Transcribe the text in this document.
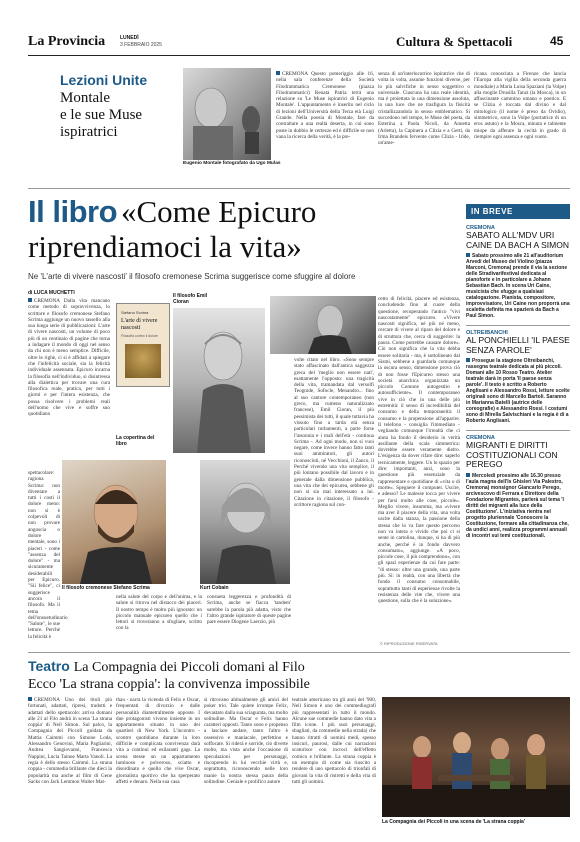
La Provincia	LUNEDÌ
3 FEBBRAIO 2025	Cultura & Spettacoli	45
Lezioni Unite
Montale
e le sue Muse
ispiratrici
Eugenio Montale fotografato da Ugo Mulas
CREMONA Questo pomeriggio alle 16, nella sala conferenze della Società Filodrammatica Cremonese (piazza Filodrammatici) Renata Patria terrà una relazione su 'Le Muse ispiratrici di Eugenio Montale'. L'appuntamento è inserito nel ciclo di lezioni dell'Università della Terza età Luigi Grande. Nella poesia di Montale, fare da contraltare a una realtà deserta, in cui sono poste in dubbio le certezze ed è difficile se non vana la ricerca della verità, è la pre-
senza di un'interlocutrice ispiratrice che di volta in volta, assume funzioni diverse, per lo più salvifiche in senso soggettivo o universale. Ciascuna ha una reale identità, ma è proiettata in una dimensione assoluta, in una luce che ne trasfigura la fisicità cristallizzandola in senso emblematico. Si succedono nel tempo, le Muse del poeta, da Esterina a Paola Nicoli, da Annetta (Arletta), la Capinera a Clizia e a Gerti, da Irma Brandeis fervente come Clizia - Iride, un'ame-
ricana conosciuta a Firenze che lancia l'Europa alla vigilia della seconda guerra mondiale) a Maria Luisa Spaziani (la Volpe) alla moglie Drusilla Tanzi (la Mosca), in un affascinante cammino umano e poetico. E se Clizia è toccata dal divino e dal mitologico (il nome è preso da Ovidio), simmetrico, sono la Volpe (portatrice di un eros astuto) e la Mosca, minuta e talmente miope da afferare la cecità in grado di riempire ogni assenza e ogni vuoto.
Il libro «Come Epicuro
riprendiamoci la vita»
Ne 'L'arte di vivere nascosti' il filosofo cremonese Scrima suggerisce come sfuggire al dolore
di LUCA MUCHETTI
CREMONA Dalla vita mancano come metodo di sopravvivenza, lo scrittore e filosofo cremonese Stefano Scrima aggiunge un nuovo tassello alla sua lunga serie di pubblicazioni: L'arte di vivere nascosti, un volume di poco più di un centinaio di pagine che torna a indagare il mondo di oggi nel senso da chi non è meno semplice. Difficile, oltre le righe, ci si è affidati a spiegare che l'infelicità sociale, sia la felicità individuale assennata. Epicuro incarna la filosofia nell'individuo, si disintressa alla dialettica per trovare una cura filosofica reale, pratica, per tutti i giorni e per l'intera esistenza, che possa risolvere i problemi reali dell'uomo che vive e soffre suo quotidiano
spettacolare: ragiona Scrima: non diventare a tutti i costi il dolore meno: non si è colpevoli di non provare angoscia o dolore mentale, sono i piaceri - come "assenza del dolore" - ma sicuramente desiderabili per Epicuro. "Sii felice", ci suggerisce ancora il filosofo. Ma il tema dell'onsuetudinario "Salute", le sue letture. Perché la felicità è
Stefano Scrima
L'arte di vivere nascosti
Filosofia contro il dolore
La copertina del libro
Il filosofo Emil Cioran
Il filosofo cremonese Stefano Scrima	Kurt Cobain
nella salute del corpo e dell'anima, e la salute si ritrova nel distacco dei piaceri. Il nostro tempo è molto più ignorato: un piccolo manuale epicureo quello che i lettori si troveranno a sfogliare, scritto con la
consueta leggerezza e profondità di Scrima, anche se fiacca 'tandem' sarebbe la parola più adatta, visto che l'altro grande ispiratore di queste pagine pare essere Diogene Laerzio, più
volte citato nel libro. «Sono sempre stato affascinato dall'antica saggezza greca del 'meglio non essere nati', esattamente l'opposto: una tragicità della vita, tramandata dal versolfi Teognide, Sofocle, Menandro... fino al suo cantore contemporaneo (non greco, ma rumeno naturalizzato francese), Emil Cioran, il più pessimista dei tutti, il quale tuttavia ha vissuto fino a tarda età senza particolari turbamenti, a parte forse l'insonnia e i mali dell'età - continua Scrima -. Ad ogni modo, non si vuoi negare, come invece hanno fatto tanti suoi ammiratori, gli autori riconosciuti, né Vecchioni, il Zanco, il Perché vivendo una vita semplice, il più lontano possibile dal lavoro e in generale dalla dimensione pubblica, una vita che dei epicurea, sebbene gli non si sia mai interessato a lui. Citazione in citazione, il filosofo - scrittore ragiona sul con-
cetto di felicità, piacere ed esistenza, concludendo fino al cuore della questione, recuperando l'antico "vivi nascostamente" epicureo. «Vivere nascosti significa, né più né meno, cercare di vivere al riparo del dolore e di struttura che, cerca di suggerire: la paura. Come potrebbe causare dolore». Ciò non significa che la vita debba essere solitaria - ma, è sottolineato dal Sismi, sebbene a guardarla comunque la oscura senso, dimensione prova ciò di non fosse l'Epicureo stesso una società anarchica organizzata un piccolo Comune autogestito e autosufficiente». Il contemporaneo vive in ciò che in una delle più estremità: il senso di incredibilità del consumo e della temporaneità: il consumo e la propensione all'apparire. Il telefono - consiglia l'immediato - vegliando comunque l'irrealtà che ci aiuta ha fondo il desiderio in verità assillante della scala simmetrica: dovrebbe essere veramente dietro. L'esigenza da dover rifare dire: saperlo tecnicamente, leggere. Un lo spazio per dire: importanti, anzi, sono la questione più essenziale da rappresentare e quotidiane di «vita o di morte». Spegnere il computer. Uscire, e adesso? Le malesse tocca per vivere per farsi molto alle cose, piccole». Meglio vivere, insomma, ma «vivere ma aver il piacere della vita, una volta uscite dalla stanza, la passione della stessa che lo va fare questo percorso non va intera e vivido che poi ci si sente in cartolina, dunque, si ha di più anche, perché è in fondo davvero consumato», aggiunge. «A poco, piccole cose, il più comprendono», con gli spazi esperienze da cui fare parte: "di stesso: oltre una grande, una parte più. Sì: in realtà, con una libertà che fondo il consumo consumabile, soprattutto tanti di esperienze rivolte la resistenza delle vite che, vivere una questione, sulla che è la soluzione».
© RIPRODUZIONE RISERVATA
IN BREVE
CREMONA
SABATO ALL'MDV URI CAINE DA BACH A SIMON
Sabato prossimo alle 21 all'auditorium Arvedi del Museo del Violino (piazza Marconi, Cremona) prende il via la sezione delle Stradivarifestival dedicata al pianoforte e in particolare a Johann Sebastian Bach. In scena Uri Caine, musicista che sfugge a qualsiasi catalogazione. Pianista, compositore, improvvisatore, Uri Caine non proporrà una scaletta definita ma spazierà da Bach a Paul Simon.
OLTREIBANCHI
AL PONCHIELLI 'IL PAESE SENZA PAROLE'
Prosegue la stagione Oltreibanchi, rassegna teatrale dedicata ai più piccoli. Domani alle 10 Rosso Teatro. Atelier teatrale darà in porta 'Il paese senza parole'. Il testo è scritto a Roberto Anglisani e Alessandro Rossi, letture scelte originali sono di Marcello Bartoli. Saranno in Marianna Batelli (autrice delle coreografie) e Alessandro Rossi. I costumi sono di Mirella Salvischiani e la regia è di a Roberto Anglisani.
CREMONA
MIGRANTI E DIRITTI COSTITUZIONALI CON PEREGO
Mercoledì prossimo alle 16.30 presso l'aula magna dell'Is Ghisleri Via Palestro, Cremona) monsignor Giancarlo Perego, arcivescovo di Ferrara e Direttore della Fondazione Migrantes, parlerà sul tema 'I diritti dei migranti alla luce della Costituzione'. L'iniziativa rientra nel progetto pluriennale 'Conoscere la Costituzione, formare alla cittadinanza che, da undici anni, realizza programmi annuali di incontri sui temi costituzionali.
Teatro La Compagnia dei Piccoli domani al Filo
Ecco 'La strana coppia': la convivenza impossibile
CREMONA Uno dei titoli più fortunati, adattati, ripresi, tradotti e adattati dello spettacolo: arriva domani alle 21 al Filo andrà in scena 'La strana coppia' di Neil Simon. Sul palco, la Compagnia dei Piccoli guidata da Mattia Caimmi con Simone Loda, Alessandro Genovini, Maria Pagliarini, Andrea Sangiovanni, Francesca Nappini, Lucia Tainoe Marta Vanoli. La regia è dello stesso Caimmi. La strana coppia - commedia brillante che dieci la popolarità ma anche al film di Gene Sacks con Jack Lemmon Walter Mat-
thau - narra la vicenda di Felix e Oscar, frequentati di divorzio e dalle personalità diametralmente opposte. I due protagonisti vivono insieme in un appartamento situato in uno dei quartieri di New York. L'incontro - scontro quotidiano durante la loro difficile e complicata convivenza darà vita a continui ed esilaranti gags. La scena stesse un un appartamento luminoso e polveroso, sciatto e disordinato e quello che vive Oscar, giornalista sportivo che ha sperperato affetti e denaro. Nella sua casa
si ritrovano abitualmente gli amici del poker trio. Tale quiete irrompe Felix, devastato dalla sua sciagurata, ma molto solitudine. Ma Oscar e Felix hanno caratteri opposti. Tanto sono e propenso a lasciare andare, tanto l'altro è ossessivo e maniacale, perfettino e soffocate. Si riderà e sorride, ciò diverte molto, ma vista anche l'occasione di speculazioni per personaggi, riscoprendo in lui vecchie virtù e, soprattutto, riconoscendo nelle loro manie la nostra stessa paura della solitudine. Geniale e prolifico autore
teatrale americano tra gli anni del '900, Neil Simon è uno dei commediografi più rappresentati in tutto il mondo. Alcune sue commedie hanno dato vita a film icone. I più suoi personaggi, sbagliati, da commedie nella strada) che hanno ritratti di uomini medi, spesso insicuri, paurosi, dalle cui narrazioni scaturisce con incroci dell'effetto comico e brillante. La strana coppia è un esempio di come sia riuscito a rendere di uno spettacolo di trionfali di giovani la vita di ristretti e della vita di tutti gli uomini.
La Compagnia dei Piccoli in una scena de 'La strana coppia'
